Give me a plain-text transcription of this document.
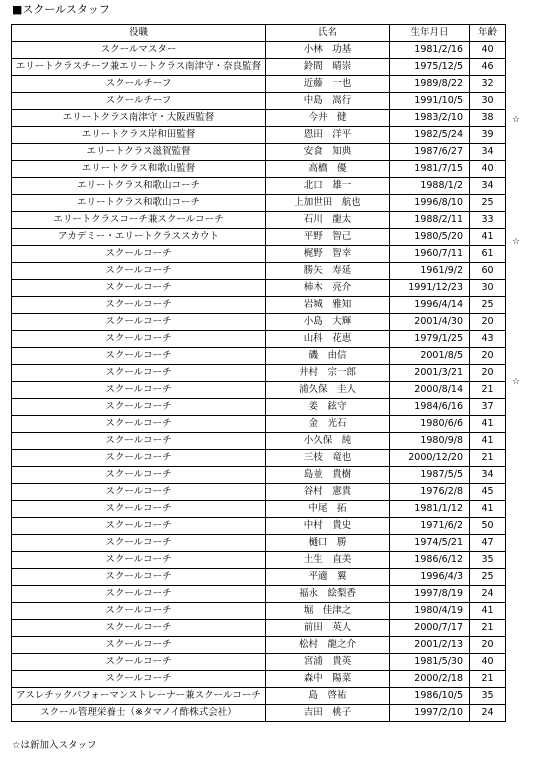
■スクールスタッフ
役職	氏名	生年月日	年齢
スクールマスター	小林　功基	1981/2/16	40
エリートクラスチーフ兼エリートクラス南津守・奈良監督	鈴間　晴崇	1975/12/5	46
スクールチーフ	近藤　一也	1989/8/22	32
スクールチーフ	中島　嵩行	1991/10/5	30
エリートクラス南津守・大阪西監督	今井　健	1983/2/10	38
エリートクラス岸和田監督	恩田　洋平	1982/5/24	39
エリートクラス滋賀監督	安食　知典	1987/6/27	34
エリートクラス和歌山監督	高橋　優	1981/7/15	40
エリートクラス和歌山コーチ	北口　雄一	1988/1/2	34
エリートクラス和歌山コーチ	上加世田　航也	1996/8/10	25
エリートクラスコーチ兼スクールコーチ	石川　龍太	1988/2/11	33
アカデミー・エリートクラススカウト	平野　智己	1980/5/20	41
スクールコーチ	梶野　智幸	1960/7/11	61
スクールコーチ	勝矢　寿延	1961/9/2	60
スクールコーチ	柿木　亮介	1991/12/23	30
スクールコーチ	岩城　雅知	1996/4/14	25
スクールコーチ	小島　大輝	2001/4/30	20
スクールコーチ	山科　花恵	1979/1/25	43
スクールコーチ	磯　由信	2001/8/5	20
スクールコーチ	井村　宗一郎	2001/3/21	20
スクールコーチ	浦久保　圭人	2000/8/14	21
スクールコーチ	姜　鉉守	1984/6/16	37
スクールコーチ	金　光石	1980/6/6	41
スクールコーチ	小久保　純	1980/9/8	41
スクールコーチ	三枝　竜也	2000/12/20	21
スクールコーチ	島並　貴樹	1987/5/5	34
スクールコーチ	谷村　憲貴	1976/2/8	45
スクールコーチ	中尾　拓	1981/1/12	41
スクールコーチ	中村　貴史	1971/6/2	50
スクールコーチ	樋口　勝	1974/5/21	47
スクールコーチ	土生　直美	1986/6/12	35
スクールコーチ	平適　翼	1996/4/3	25
スクールコーチ	福永　絵梨香	1997/8/19	24
スクールコーチ	堀　佳津之	1980/4/19	41
スクールコーチ	前田　英人	2000/7/17	21
スクールコーチ	松村　龍之介	2001/2/13	20
スクールコーチ	宮浦　貴英	1981/5/30	40
スクールコーチ	森中　陽菜	2000/2/18	21
アスレチックパフォーマンストレーナー兼スクールコーチ	島　啓祐	1986/10/5	35
スクール管理栄養士（※タマノイ酢株式会社）	吉田　桃子	1997/2/10	24
☆
☆
☆
☆は新加入スタッフ
